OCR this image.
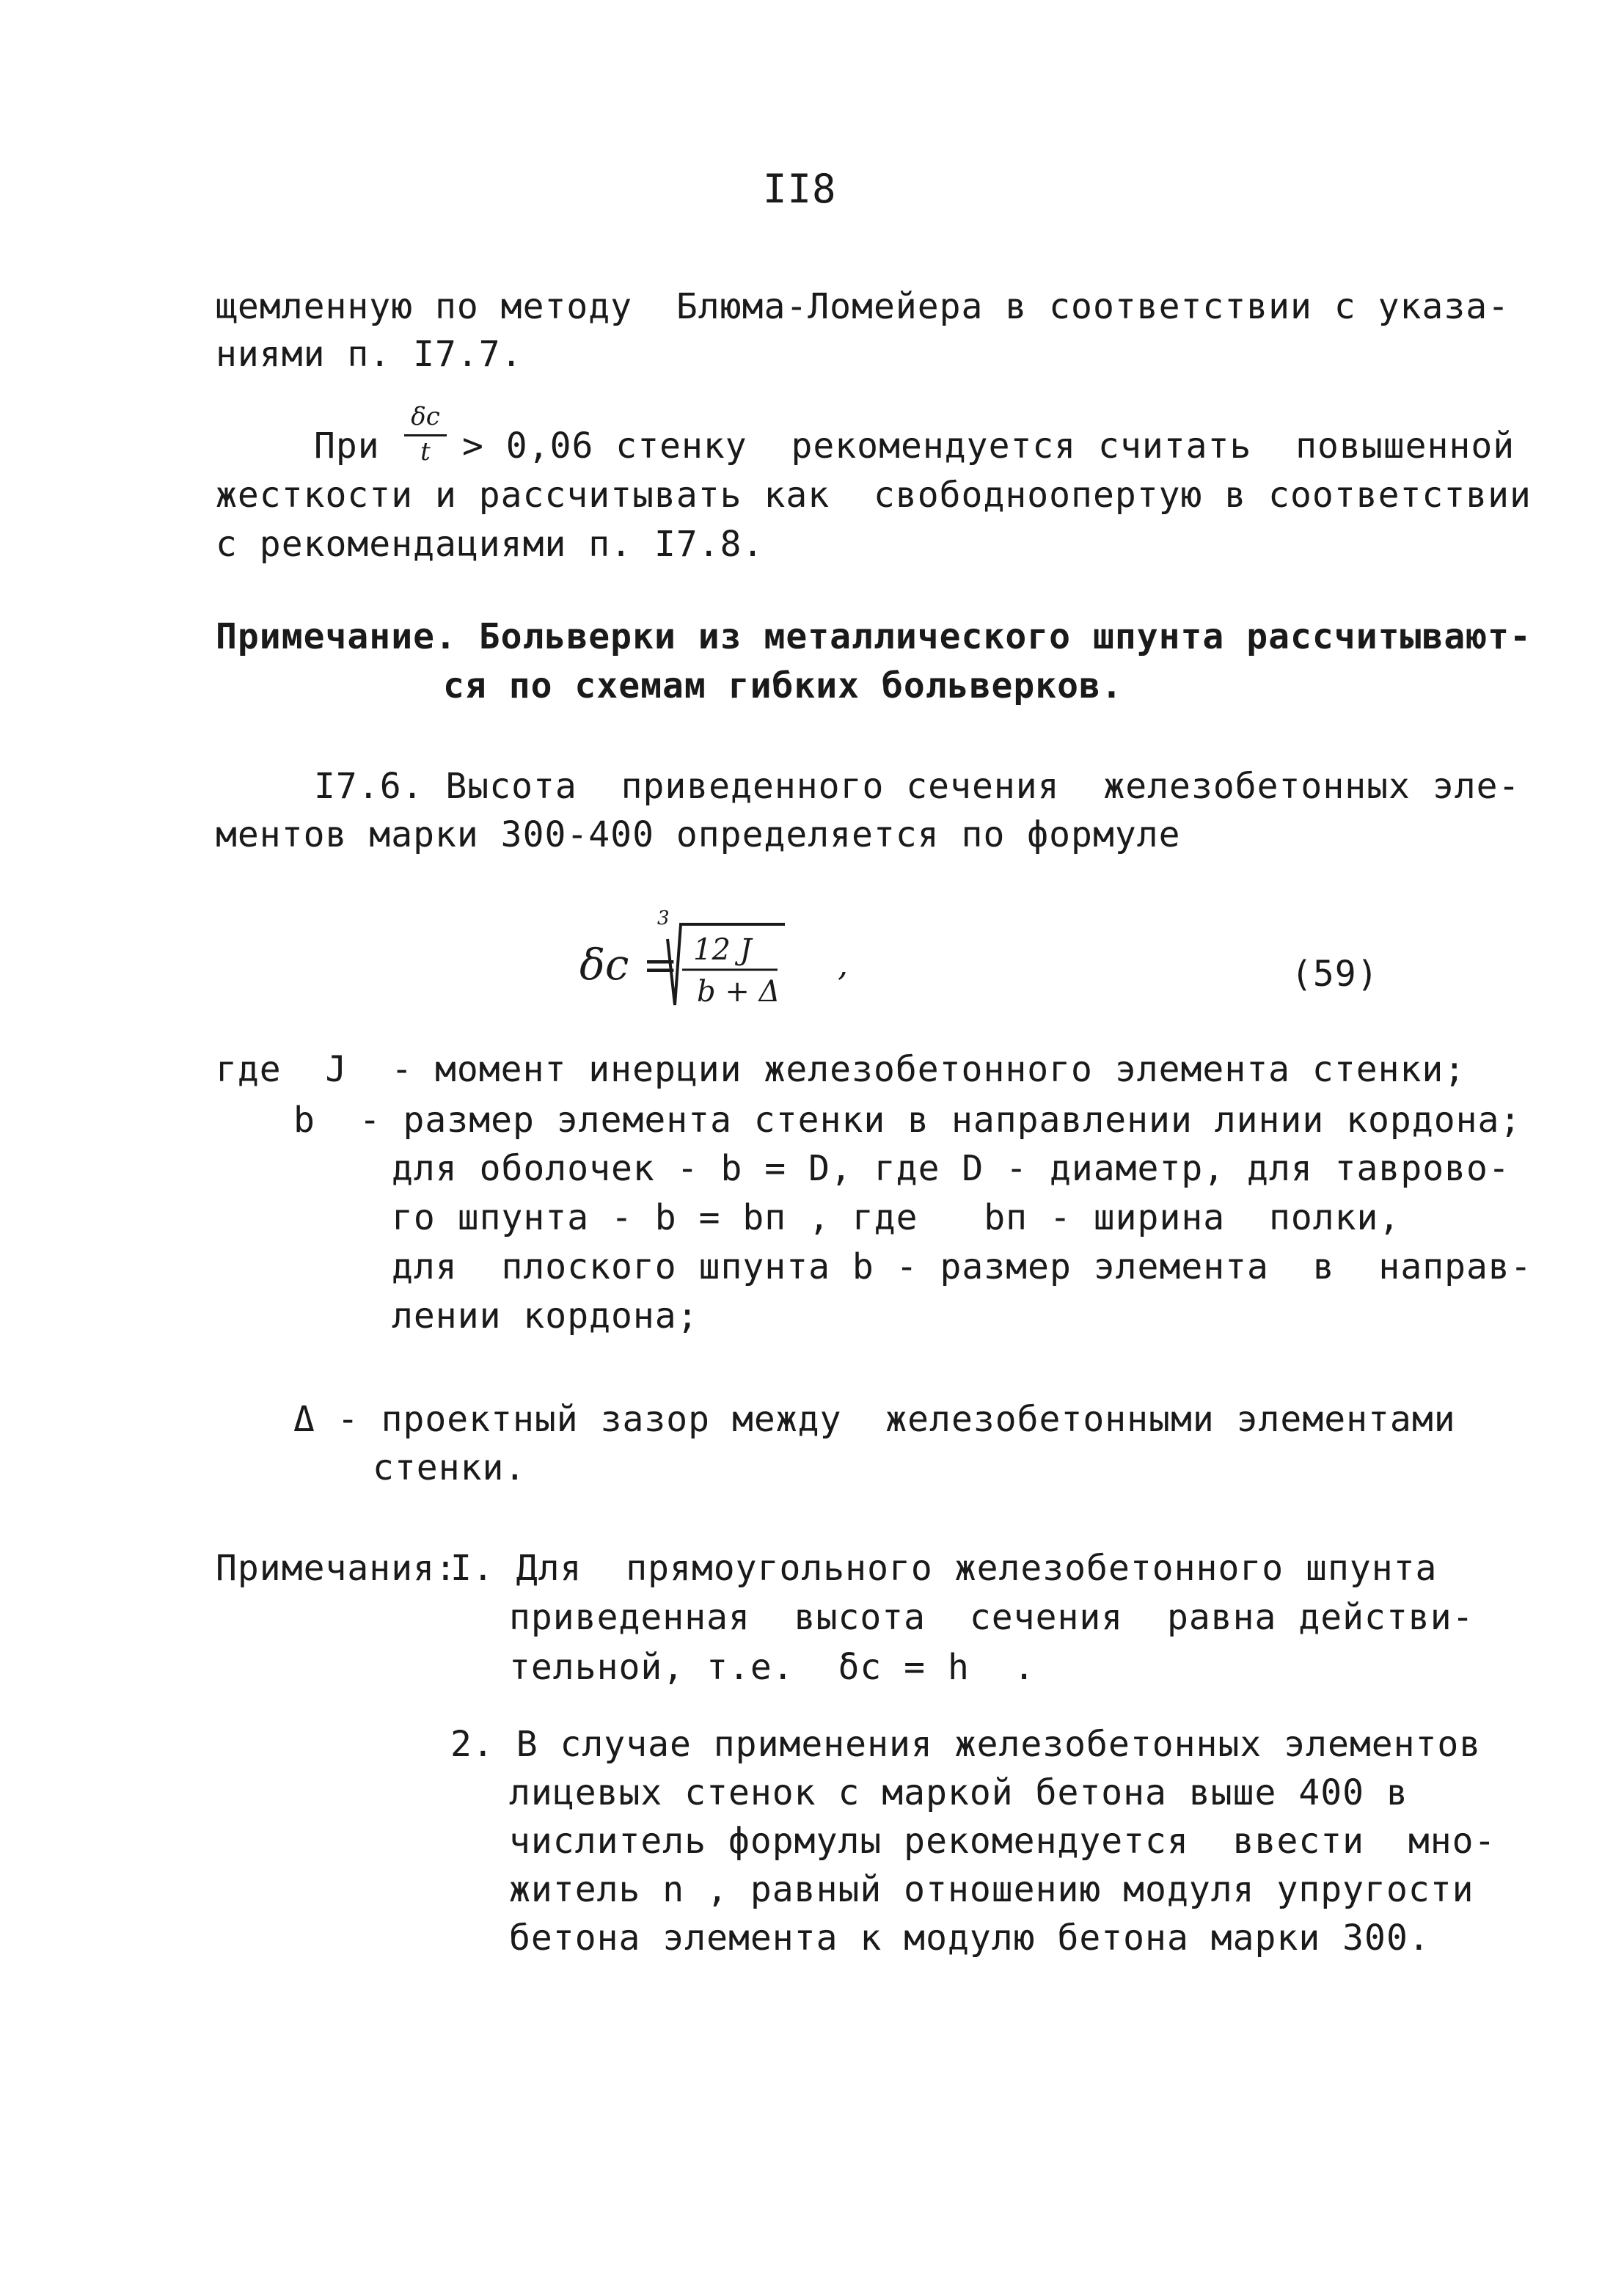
II8
щемленную по методу  Блюма-Ломейера в соответствии с указа-
ниями п. I7.7.
При
δc
t > 0,06 стенку  рекомендуется считать  повышенной
жесткости и рассчитывать как  свободноопертую в соответствии
с рекомендациями п. I7.8.
Примечание. Больверки из металлического шпунта рассчитывают-
ся по схемам гибких больверков.
I7.6. Высота  приведенного сечения  железобетонных эле-
ментов марки 300-400 определяется по формуле
δc =
3
12 J
b + Δ
,	(59)
где  J  - момент инерции железобетонного элемента стенки;
b  - размер элемента стенки в направлении линии кордона;
для оболочек - b = D, где D - диаметр, для таврово-
го шпунта - b = bп , где   bп - ширина  полки,
для  плоского шпунта b - размер элемента  в  направ-
лении кордона;
Δ - проектный зазор между  железобетонными элементами
стенки.
Примечания:
I. Для  прямоугольного железобетонного шпунта
приведенная  высота  сечения  равна действи-
тельной, т.е.  δc = h  .
2. В случае применения железобетонных элементов
лицевых стенок с маркой бетона выше 400 в
числитель формулы рекомендуется  ввести  мно-
житель n , равный отношению модуля упругости
бетона элемента к модулю бетона марки 300.
